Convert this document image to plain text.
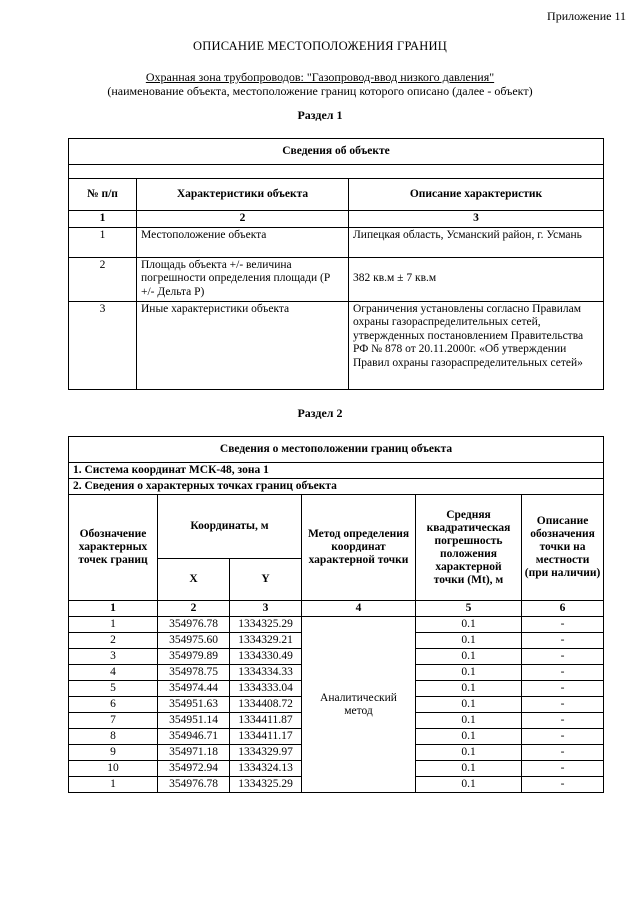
Приложение 11
ОПИСАНИЕ МЕСТОПОЛОЖЕНИЯ ГРАНИЦ
Охранная зона трубопроводов: "Газопровод-ввод низкого давления"
(наименование объекта, местоположение границ которого описано (далее - объект)
Раздел 1
Сведения об объекте		

№ п/п	Характеристики объекта	Описание характеристик
1	2	3
1	Местоположение объекта	Липецкая область, Усманский район, г. Усмань
2	Площадь объекта +/- величина погрешности определения площади (Р +/- Дельта Р)	382 кв.м ± 7 кв.м
3	Иные характеристики объекта	Ограничения установлены согласно Правилам охраны газораспределительных сетей, утвержденных постановлением Правительства РФ № 878 от 20.11.2000г. «Об утверждении Правил охраны газораспределительных сетей»
Раздел 2
Сведения о местоположении границ объекта					
1. Система координат МСК-48, зона 1					
2. Сведения о характерных точках границ объекта					
Обозначение характерных точек границ	Координаты, м		Метод определения координат характерной точки	Средняя квадратическая погрешность положения характерной точки (Mt), м	Описание обозначения точки на местности (при наличии)
	X	Y			
1	2	3	4	5	6
1	354976.78	1334325.29	Аналитический метод	0.1	-
2	354975.60	1334329.21		0.1	-
3	354979.89	1334330.49		0.1	-
4	354978.75	1334334.33		0.1	-
5	354974.44	1334333.04		0.1	-
6	354951.63	1334408.72		0.1	-
7	354951.14	1334411.87		0.1	-
8	354946.71	1334411.17		0.1	-
9	354971.18	1334329.97		0.1	-
10	354972.94	1334324.13		0.1	-
1	354976.78	1334325.29		0.1	-
